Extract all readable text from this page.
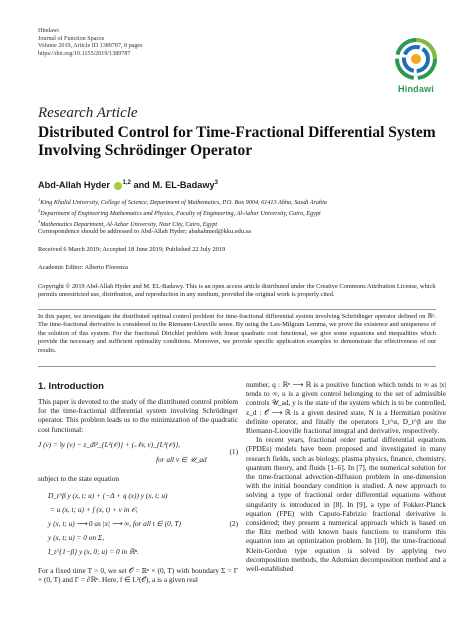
Hindawi
Journal of Function Spaces
Volume 2019, Article ID 1389787, 8 pages
https://doi.org/10.1155/2019/1389787
Hindawi
Research Article
Distributed Control for Time-Fractional Differential System Involving Schrödinger Operator
Abd-Allah Hyder $^{1,2}$ and M. EL-Badawy$^3$
$^1$King Khalid University, College of Science, Department of Mathematics, P.O. Box 9004, 61413 Abha, Saudi Arabia
$^2$Department of Engineering Mathematics and Physics, Faculty of Engineering, Al-Azhar University, Cairo, Egypt
$^3$Mathematics Department, Al-Azhar University, Nasr City, Cairo, Egypt
Correspondence should be addressed to Abd-Allah Hyder; abahahmed@kku.edu.sa
Received 6 March 2019; Accepted 18 June 2019; Published 22 July 2019
Academic Editor: Alberto Fiorenza
Copyright © 2019 Abd-Allah Hyder and M. EL-Badawy. This is an open access article distributed under the Creative Commons Attribution License, which permits unrestricted use, distribution, and reproduction in any medium, provided the original work is properly cited.
In this paper, we investigate the distributed optimal control problem for time-fractional differential system involving Schrödinger operator defined on ℝⁿ. The time-fractional derivative is considered in the Riemann-Liouville sense. By using the Lax-Milgram Lemma, we prove the existence and uniqueness of the solution of this system. For the fractional Dirichlet problem with linear quadratic cost functional, we give some equations and inequalities which provide the necessary and sufficient optimality conditions. Moreover, we provide specific application examples to demonstrate the effectiveness of our results.
1. Introduction
This paper is devoted to the study of the distributed control problem for the time-fractional differential system involving Schrödinger operator. This problem leads us to the minimization of the quadratic cost functional:
J (v) = ‖y (v) − z_d‖²_{L²(𝒪)} + (𝒩v, v)_{L²(𝒪)},
for all v ∈ 𝒰_ad
(1)
subject to the state equation
D_t^β y (x, t; u) + (−Δ + q (x)) y (x, t; u)
= u (x, t; u) + f (x, t) + v in 𝒪,
y (x, t; u) ⟶ 0 as |x| ⟶ ∞, for all t ∈ (0, T)	(2)
y (x, t; u) = 0 on Σ,
I_t^{1−β} y (x, 0; u) = 0 in ℝⁿ.
For a fixed time T > 0, we set 𝒪 = ℝⁿ × (0, T) with boundary Σ = Γ × (0, T) and Γ = ∂ℝⁿ. Here, f ∈ L²(𝒪), a is a given real

number, q : ℝⁿ ⟶ ℝ is a positive function which tends to ∞ as |x| tends to ∞, u is a given control belonging to the set of admissible controls 𝒰_ad, y is the state of the system which is to be controlled, z_d : 𝒪 ⟶ ℝ is a given desired state, N is a Hermitian positive definite operator, and finally the operators I_t^α, D_t^β are the Riemann-Liouville fractional integral and derivative, respectively.

In recent years, fractional order partial differential equations (FPDEs) models have been proposed and investigated in many research fields, such as biology, plasma physics, finance, chemistry, quantum theory, and fluids [1–6]. In [7], the numerical solution for the time-fractional advection-diffusion problem in one-dimension with the initial boundary condition is studied. A new approach to solving a type of fractional order differential equations without singularity is introduced in [8]. In [9], a type of Fokker-Planck equation (FPE) with Caputo-Fabrizio fractional derivative is considered; they present a numerical approach which is based on the Ritz method with known basis functions to transform this equation into an optimization problem. In [10], the time-fractional Klein-Gordon type equation is solved by applying two decomposition methods, the Adomian decomposition method and a well-established
